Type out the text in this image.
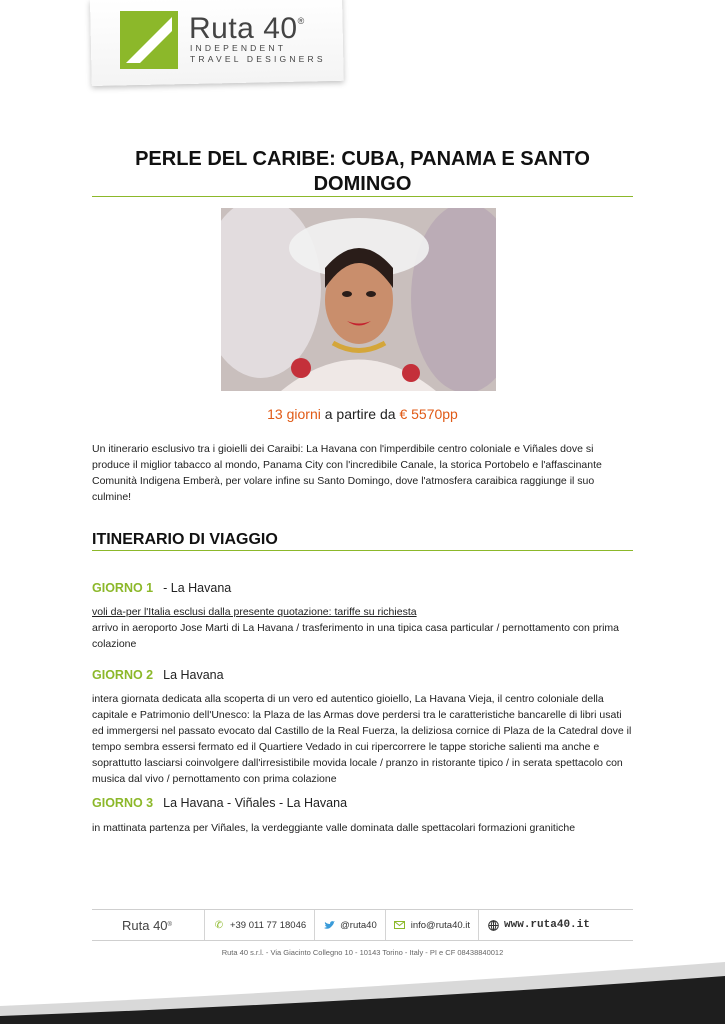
Ruta 40®
INDEPENDENT
TRAVEL DESIGNERS
PERLE DEL CARIBE: CUBA, PANAMA E SANTO DOMINGO
13 giorni a partire da € 5570pp
Un itinerario esclusivo tra i gioielli dei Caraibi: La Havana con l'imperdibile centro coloniale e Viñales dove si produce il miglior tabacco al mondo, Panama City con l'incredibile Canale, la storica Portobelo e l'affascinante Comunità Indigena Emberà, per volare infine su Santo Domingo, dove l'atmosfera caraibica raggiunge il suo culmine!
ITINERARIO DI VIAGGIO
GIORNO 1 - La Havana
voli da-per l'Italia esclusi dalla presente quotazione: tariffe su richiesta
arrivo in aeroporto Jose Marti di La Havana / trasferimento in una tipica casa particular / pernottamento con prima colazione
GIORNO 2 La Havana
intera giornata dedicata alla scoperta di un vero ed autentico gioiello, La Havana Vieja, il centro coloniale della capitale e Patrimonio dell'Unesco: la Plaza de las Armas dove perdersi tra le caratteristiche bancarelle di libri usati ed immergersi nel passato evocato dal Castillo de la Real Fuerza, la deliziosa cornice di Plaza de la Catedral dove il tempo sembra essersi fermato ed il Quartiere Vedado in cui ripercorrere le tappe storiche salienti ma anche e soprattutto lasciarsi coinvolgere dall'irresistibile movida locale / pranzo in ristorante tipico / in serata spettacolo con musica dal vivo / pernottamento con prima colazione
GIORNO 3 La Havana - Viñales - La Havana
in mattinata partenza per Viñales, la verdeggiante valle dominata dalle spettacolari formazioni granitiche
Ruta 40 ®	✆ +39 011 77 18046	@ruta40	info@ruta40.it	www.ruta40.it
Ruta 40 s.r.l. - Via Giacinto Collegno 10 - 10143 Torino - Italy - PI e CF 08438840012
